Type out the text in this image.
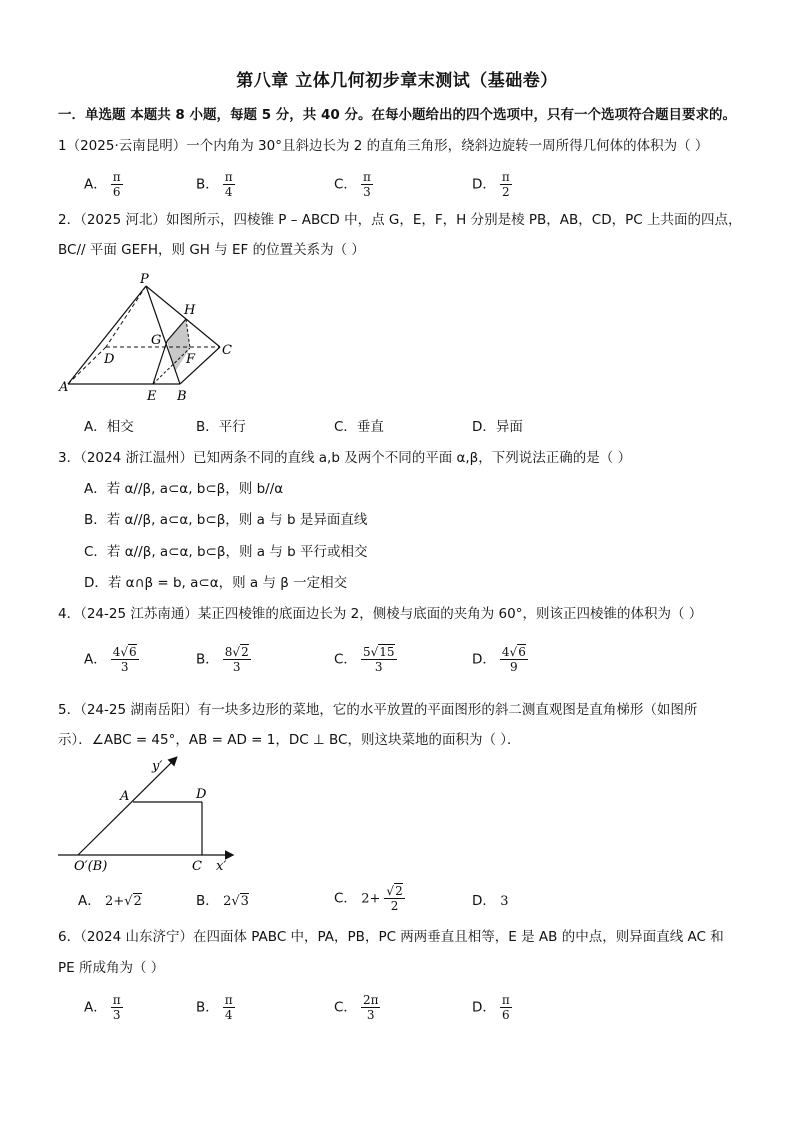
第八章 立体几何初步章末测试（基础卷）
一．单选题 本题共 8 小题，每题 5 分，共 40 分。在每小题给出的四个选项中，只有一个选项符合题目要求的。
1（2025·云南昆明）一个内角为 30°且斜边长为 2 的直角三角形，绕斜边旋转一周所得几何体的体积为（ ）
A． $\frac{\pi}{6}$	B． $\frac{\pi}{4}$	C． $\frac{\pi}{3}$	D． $\frac{\pi}{2}$
2．（2025 河北）如图所示，四棱锥 P – ABCD 中，点 G，E，F，H 分别是棱 PB，AB，CD，PC 上共面的四点，
BC// 平面 GEFH，则 GH 与 EF 的位置关系为（ ）
P
H
G
D
C
F
A
E B
A．相交	B．平行	C．垂直	D．异面
3．（2024 浙江温州）已知两条不同的直线 a,b 及两个不同的平面 α,β，下列说法正确的是（ ）
A．若 α//β, a⊂α, b⊂β，则 b//α
B．若 α//β, a⊂α, b⊂β，则 a 与 b 是异面直线
C．若 α//β, a⊂α, b⊂β，则 a 与 b 平行或相交
D．若 α∩β = b, a⊂α，则 a 与 β 一定相交
4．（24-25 江苏南通）某正四棱锥的底面边长为 2，侧棱与底面的夹角为 60°，则该正四棱锥的体积为（ ）
A． $\frac{4√6}{3}$	B． $\frac{8√2}{3}$	C． $\frac{5√15}{3}$	D． $\frac{4√6}{9}$
5．（24-25 湖南岳阳）有一块多边形的菜地，它的水平放置的平面图形的斜二测直观图是直角梯形（如图所
示）．∠ABC = 45°，AB = AD = 1，DC ⊥ BC，则这块菜地的面积为（ ）．
y′
A	D
O′(B)	C x′
A． 2+√2	B． 2√3	C． $2+ \frac{√2}{2}$	D． 3
6．（2024 山东济宁）在四面体 PABC 中，PA，PB，PC 两两垂直且相等，E 是 AB 的中点，则异面直线 AC 和
PE 所成角为（ ）
A． $\frac{\pi}{3}$	B． $\frac{\pi}{4}$	C． $\frac{2\pi}{3}$	D． $\frac{\pi}{6}$
